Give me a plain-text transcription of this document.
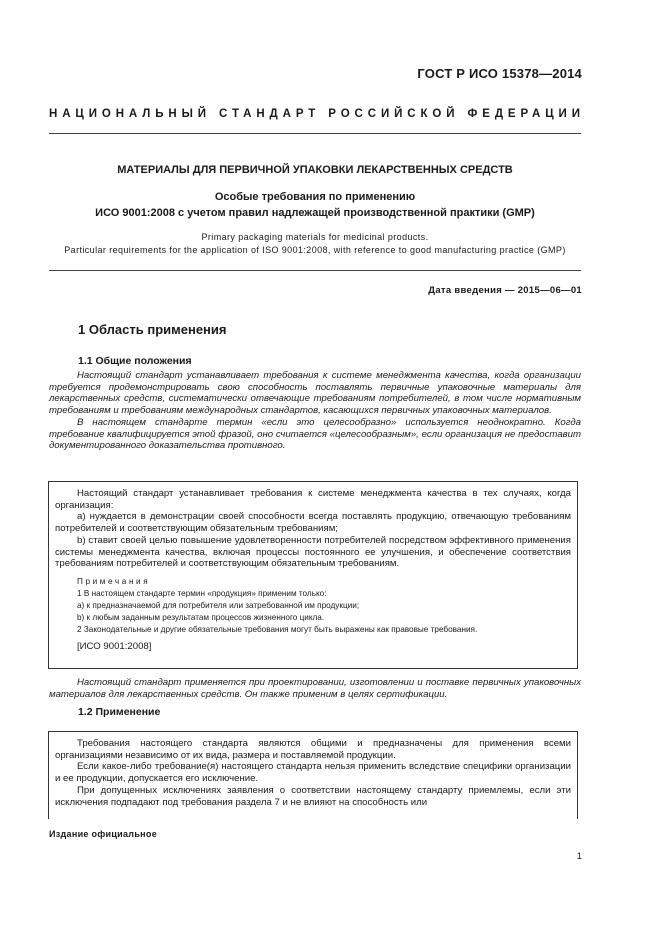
ГОСТ Р ИСО 15378—2014
НАЦИОНАЛЬНЫЙ СТАНДАРТ РОССИЙСКОЙ ФЕДЕРАЦИИ
МАТЕРИАЛЫ ДЛЯ ПЕРВИЧНОЙ УПАКОВКИ ЛЕКАРСТВЕННЫХ СРЕДСТВ
Особые требования по применению
ИСО 9001:2008 с учетом правил надлежащей производственной практики (GMP)
Primary packaging materials for medicinal products.
Particular requirements for the application of ISO 9001:2008, with reference to good manufacturing practice (GMP)
Дата введения — 2015—06—01
1 Область применения
1.1 Общие положения

Настоящий стандарт устанавливает требования к системе менеджмента качества, когда организации требуется продемонстрировать свою способность поставлять первичные упаковочные материалы для лекарственных средств, систематически отвечающие требованиям потребителей, в том числе нормативным требованиям и требованиям международных стандартов, касающихся первичных упаковочных материалов.

В настоящем стандарте термин «если это целесообразно» используется неоднократно. Когда требование квалифицируется этой фразой, оно считается «целесообразным», если организация не предоставит документированного доказательства противного.

Настоящий стандарт устанавливает требования к системе менеджмента качества в тех случаях, когда организация:

а) нуждается в демонстрации своей способности всегда поставлять продукцию, отвечающую требованиям потребителей и соответствующим обязательным требованиям;

b) ставит своей целью повышение удовлетворенности потребителей посредством эффективного применения системы менеджмента качества, включая процессы постоянного ее улучшения, и обеспечение соответствия требованиям потребителей и соответствующим обязательным требованиям.

Примечания
1 В настоящем стандарте термин «продукция» применим только:
а) к предназначаемой для потребителя или затребованной им продукции;
b) к любым заданным результатам процессов жизненного цикла.
2 Законодательные и другие обязательные требования могут быть выражены как правовые требования.
[ИСО 9001:2008]

Настоящий стандарт применяется при проектировании, изготовлении и поставке первичных упаковочных материалов для лекарственных средств. Он также применим в целях сертификации.

1.2 Применение

Требования настоящего стандарта являются общими и предназначены для применения всеми организациями независимо от их вида, размера и поставляемой продукции.

Если какое-либо требование(я) настоящего стандарта нельзя применить вследствие специфики организации и ее продукции, допускается его исключение.

При допущенных исключениях заявления о соответствии настоящему стандарту приемлемы, если эти исключения подпадают под требования раздела 7 и не влияют на способность или

Издание официальное
1
